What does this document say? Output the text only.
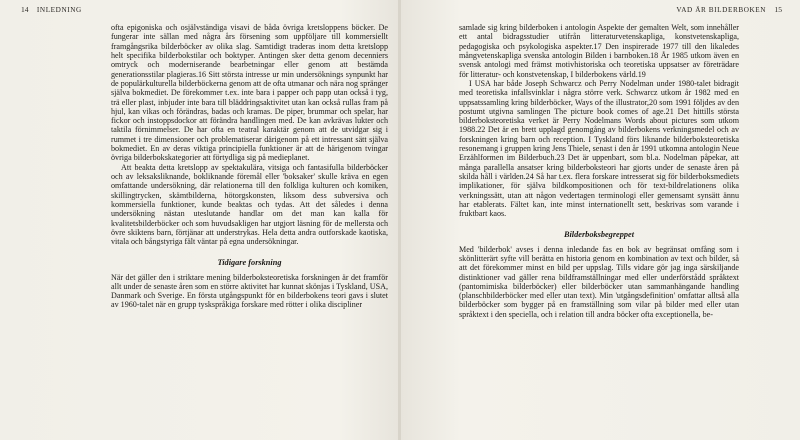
14 INLEDNING

ofta epigoniska och osjälvständiga visavi de båda övriga kretsloppens böcker. De fungerar inte sällan med några års försening som uppföljare till kommersiellt framgångsrika bilderböcker av olika slag. Samtidigt traderas inom detta kretslopp helt specifika bilderbokstilar och boktyper. Antingen sker detta genom decenniers omtryck och moderniserande bearbetningar eller genom att bestämda generationsstilar plagieras.16 Sitt största intresse ur min undersöknings synpunkt har de populärkulturella bilderböckerna genom att de ofta utmanar och nära nog spränger själva bokmediet. De förekommer t.ex. inte bara i papper och papp utan också i tyg, trä eller plast, inbjuder inte bara till bläddringsaktivitet utan kan också rullas fram på hjul, kan vikas och förändras, badas och kramas. De piper, brummar och spelar, har fickor och instoppsdockor att förändra handlingen med. De kan avkrävas lukter och taktila förnimmelser. De har ofta en teatral karaktär genom att de utvidgar sig i rummet i tre dimensioner och problematiserar därigenom på ett intressant sätt själva bokmediet. En av deras viktiga principiella funktioner är att de härigenom tvingar övriga bilderbokskategorier att förtydliga sig på medieplanet.

Att beakta detta kretslopp av spektakulära, vitsiga och fantasifulla bilderböcker och av leksaksliknande, bokliknande föremål eller 'boksaker' skulle kräva en egen omfattande undersökning, där relationerna till den folkliga kulturen och komiken, skillingtrycken, skämtbilderna, hötorgskonsten, liksom dess subversiva och kommersiella funktioner, kunde beaktas och tydas. Att det således i denna undersökning nästan uteslutande handlar om det man kan kalla för kvalitetsbilderböcker och som huvudsakligen har utgjort läsning för de mellersta och övre skiktens barn, förtjänar att understrykas. Hela detta andra outforskade kaotiska, vitala och bångstyriga fält väntar på egna undersökningar.

Tidigare forskning

När det gäller den i striktare mening bilderboksteoretiska forskningen är det framför allt under de senaste åren som en större aktivitet har kunnat skönjas i Tyskland, USA, Danmark och Sverige. En första utgångspunkt för en bilderbokens teori gavs i slutet av 1960-talet när en grupp tyskspråkiga forskare med rötter i olika discipliner

VAD ÄR BILDERBOKEN 15

samlade sig kring bilderboken i antologin Aspekte der gemalten Welt, som innehåller ett antal bidragsstudier utifrån litteraturvetenskapliga, konstvetenskapliga, pedagogiska och psykologiska aspekter.17 Den inspirerade 1977 till den likaledes mångvetenskapliga svenska antologin Bilden i barnboken.18 År 1985 utkom även en svensk antologi med främst motivhistoriska och teoretiska uppsatser av företrädare för litteratur- och konstvetenskap, I bilderbokens värld.19

I USA har både Joseph Schwarcz och Perry Nodelman under 1980-talet bidragit med teoretiska infallsvinklar i några större verk. Schwarcz utkom år 1982 med en uppsatssamling kring bilderböcker, Ways of the illustrator,20 som 1991 följdes av den postumt utgivna samlingen The picture book comes of age.21 Det hittills största bilderboksteoretiska verket är Perry Nodelmans Words about pictures som utkom 1988.22 Det är en brett upplagd genomgång av bilderbokens verkningsmedel och av forskningen kring barn och reception. I Tyskland förs liknande bilderboksteoretiska resonemang i gruppen kring Jens Thiele, senast i den år 1991 utkomna antologin Neue Erzählformen im Bilderbuch.23 Det är uppenbart, som bl.a. Nodelman påpekar, att många parallella ansatser kring bilderboksteori har gjorts under de senaste åren på skilda håll i världen.24 Så har t.ex. flera forskare intresserat sig för bilderboksmediets implikationer, för själva bildkompositionen och för text-bildrelationens olika verkningssätt, utan att någon vedertagen terminologi eller gemensamt synsätt ännu har etablerats. Fältet kan, inte minst internationellt sett, beskrivas som varande i fruktbart kaos.

Bilderboksbegreppet

Med 'bilderbok' avses i denna inledande fas en bok av begränsat omfång som i skönlitterärt syfte vill berätta en historia genom en kombination av text och bilder, så att det förekommer minst en bild per uppslag. Tills vidare gör jag inga särskiljande distinktioner vad gäller rena bildframställningar med eller underförstådd språktext (pantomimiska bilderböcker) eller bilderböcker utan sammanhängande handling (planschbilderböcker med eller utan text). Min 'utgångsdefinition' omfattar alltså alla bilderböcker som bygger på en framställning som vilar på bilder med eller utan språktext i den speciella, och i relation till andra böcker ofta exceptionella, be-
